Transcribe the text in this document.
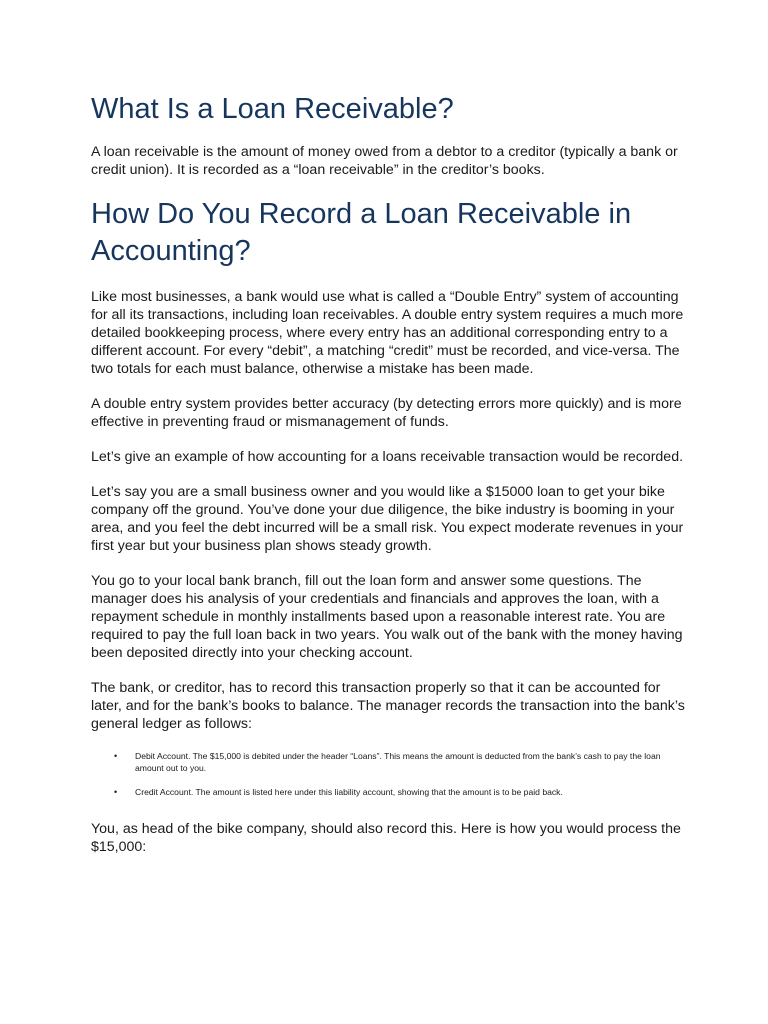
What Is a Loan Receivable?

A loan receivable is the amount of money owed from a debtor to a creditor (typically a bank or credit union). It is recorded as a “loan receivable” in the creditor’s books.

How Do You Record a Loan Receivable in Accounting?

Like most businesses, a bank would use what is called a “Double Entry” system of accounting for all its transactions, including loan receivables. A double entry system requires a much more detailed bookkeeping process, where every entry has an additional corresponding entry to a different account. For every “debit”, a matching “credit” must be recorded, and vice-versa. The two totals for each must balance, otherwise a mistake has been made.

A double entry system provides better accuracy (by detecting errors more quickly) and is more effective in preventing fraud or mismanagement of funds.

Let’s give an example of how accounting for a loans receivable transaction would be recorded.

Let’s say you are a small business owner and you would like a $15000 loan to get your bike company off the ground. You’ve done your due diligence, the bike industry is booming in your area, and you feel the debt incurred will be a small risk. You expect moderate revenues in your first year but your business plan shows steady growth.

You go to your local bank branch, fill out the loan form and answer some questions. The manager does his analysis of your credentials and financials and approves the loan, with a repayment schedule in monthly installments based upon a reasonable interest rate. You are required to pay the full loan back in two years. You walk out of the bank with the money having been deposited directly into your checking account.

The bank, or creditor, has to record this transaction properly so that it can be accounted for later, and for the bank’s books to balance. The manager records the transaction into the bank’s general ledger as follows:

• Debit Account. The $15,000 is debited under the header “Loans”. This means the amount is deducted from the bank’s cash to pay the loan amount out to you.
• Credit Account. The amount is listed here under this liability account, showing that the amount is to be paid back.

You, as head of the bike company, should also record this. Here is how you would process the $15,000:
